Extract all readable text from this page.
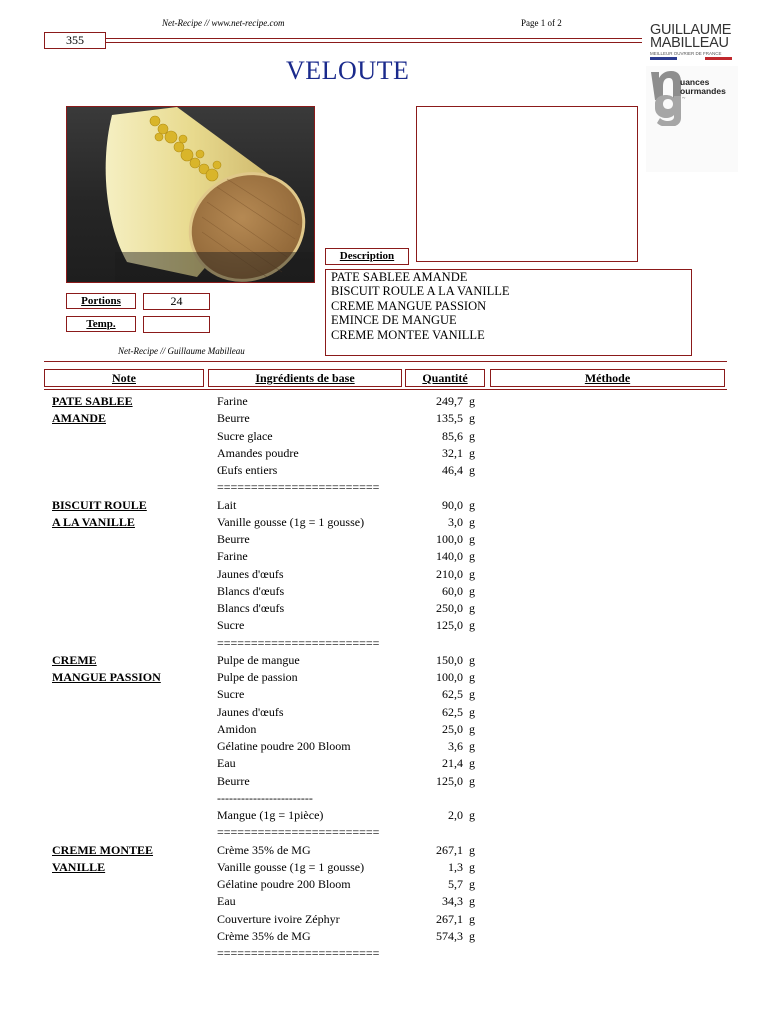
Net-Recipe // www.net-recipe.com	Page 1 of 2
355
VELOUTE
GUILLAUME
MABILLEAU
MEILLEUR OUVRIER DE FRANCE
uances
ourmandes
~
Description
PATE SABLEE AMANDE
BISCUIT ROULE A LA VANILLE
CREME MANGUE PASSION
EMINCE DE MANGUE
CREME MONTEE VANILLE
Portions	24
Temp.
Net-Recipe // Guillaume Mabilleau
Note	Ingrédients de base	Quantité	Méthode
PATE SABLEE
AMANDE
Farine	249,7 g
Beurre	135,5 g
Sucre glace	85,6 g
Amandes poudre	32,1 g
Œufs entiers	46,4 g
========================
BISCUIT ROULE
A LA VANILLE
Lait	90,0 g
Vanille gousse (1g = 1 gousse)	3,0 g
Beurre	100,0 g
Farine	140,0 g
Jaunes d'œufs	210,0 g
Blancs d'œufs	60,0 g
Blancs d'œufs	250,0 g
Sucre	125,0 g
========================
CREME
MANGUE PASSION
Pulpe de mangue	150,0 g
Pulpe de passion	100,0 g
Sucre	62,5 g
Jaunes d'œufs	62,5 g
Amidon	25,0 g
Gélatine poudre 200 Bloom	3,6 g
Eau	21,4 g
Beurre	125,0 g
------------------------
Mangue (1g = 1pièce)	2,0 g
========================
CREME MONTEE
VANILLE
Crème 35% de MG	267,1 g
Vanille gousse (1g = 1 gousse)	1,3 g
Gélatine poudre 200 Bloom	5,7 g
Eau	34,3 g
Couverture ivoire Zéphyr	267,1 g
Crème 35% de MG	574,3 g
========================
